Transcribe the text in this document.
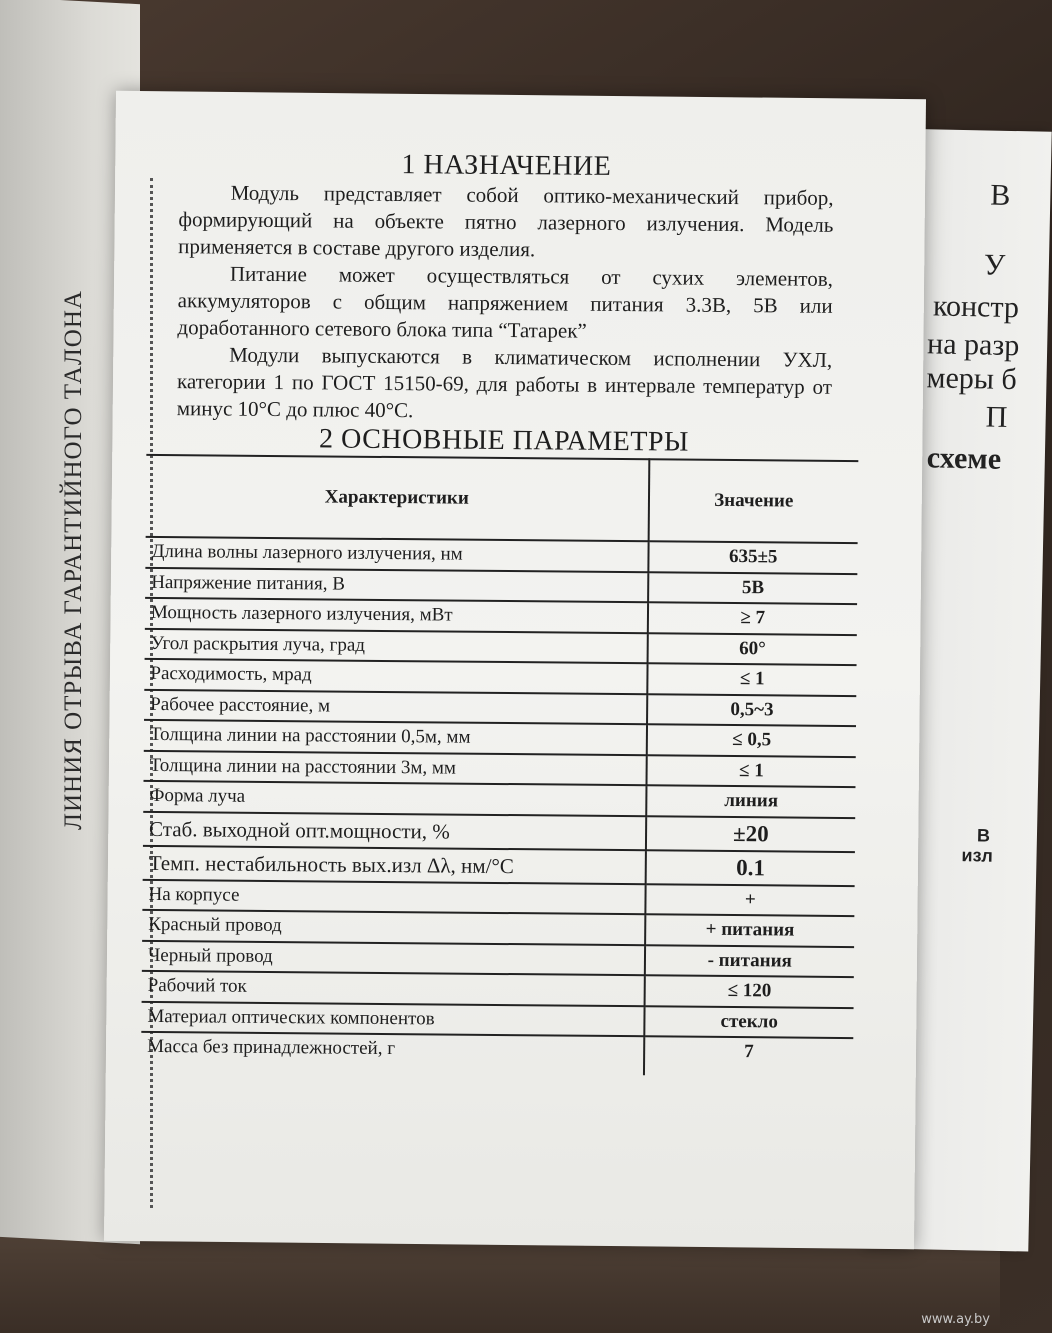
В
У
констр
на разр
меры б
П
схеме
В
изл
ЛИНИЯ ОТРЫВА ГАРАНТИЙНОГО ТАЛОНА
1 НАЗНАЧЕНИЕ

Модуль представляет собой оптико-механический прибор, формирующий на объекте пятно лазерного излучения. Модель применяется в составе другого изделия.

Питание может осуществляться от сухих элементов, аккумуляторов с общим напряжением питания 3.3В, 5В или доработанного сетевого блока типа “Татарек”

Модули выпускаются в климатическом исполнении УХЛ, категории 1 по ГОСТ 15150-69, для работы в интервале температур от минус 10°С до плюс 40°С.

2 ОСНОВНЫЕ ПАРАМЕТРЫ
Характеристики	Значение
Длина волны лазерного излучения, нм	635±5
Напряжение питания, В	5В
Мощность лазерного излучения, мВт	≥ 7
Угол раскрытия луча, град	60°
Расходимость, мрад	≤ 1
Рабочее расстояние, м	0,5~3
Толщина линии на расстоянии 0,5м, мм	≤ 0,5
Толщина линии на расстоянии 3м, мм	≤ 1
Форма луча	линия
Стаб. выходной опт.мощности, %	±20
Темп. нестабильность вых.изл Δλ, нм/°С	0.1
На корпусе	+
Красный провод	+ питания
Черный провод	- питания
Рабочий ток	≤ 120
Материал оптических компонентов	стекло
Масса без принадлежностей, г	7
www.ay.by
